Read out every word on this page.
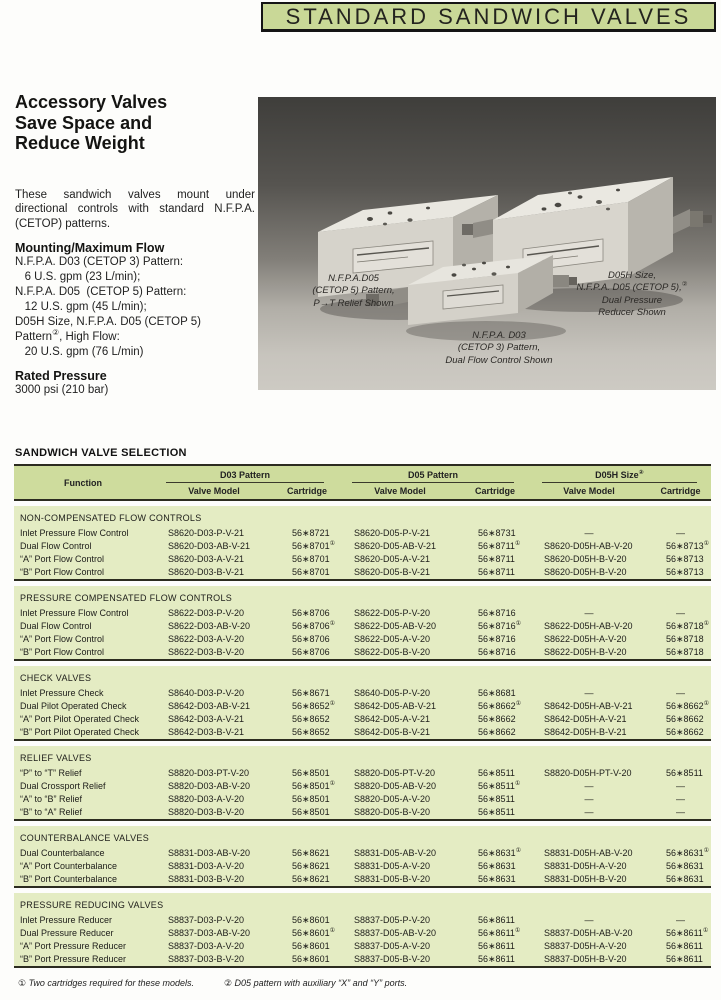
STANDARD SANDWICH VALVES
Accessory Valves
Save Space and
Reduce Weight
These sandwich valves mount under directional controls with standard N.F.P.A. (CETOP) patterns.
Mounting/Maximum Flow
N.F.P.A. D03 (CETOP 3) Pattern:
6 U.S. gpm (23 L/min);
N.F.P.A. D05  (CETOP 5) Pattern:
12 U.S. gpm (45 L/min);
D05H Size, N.F.P.A. D05 (CETOP 5)
Pattern②, High Flow:
20 U.S. gpm (76 L/min)
Rated Pressure
3000 psi (210 bar)
N.F.P.A.D05
(CETOP 5) Pattern,
P→T Relief Shown
D05H Size,
N.F.P.A. D05 (CETOP 5),②
Dual Pressure
Reducer Shown
N.F.P.A. D03
(CETOP 3) Pattern,
Dual Flow Control Shown
SANDWICH VALVE SELECTION
Function	D03 Pattern		D05 Pattern		D05H Size②

	Valve Model	Cartridge	Valve Model	Cartridge	Valve Model	Cartridge

NON-COMPENSATED FLOW CONTROLS						
Inlet Pressure Flow Control	S8620-D03-P-V-21	56∗8721	S8620-D05-P-V-21	56∗8731	—	—
Dual Flow Control	S8620-D03-AB-V-21	56∗8701①	S8620-D05-AB-V-21	56∗8711①	S8620-D05H-AB-V-20	56∗8713①
“A” Port Flow Control	S8620-D03-A-V-21	56∗8701	S8620-D05-A-V-21	56∗8711	S8620-D05H-B-V-20	56∗8713
“B” Port Flow Control	S8620-D03-B-V-21	56∗8701	S8620-D05-B-V-21	56∗8711	S8620-D05H-B-V-20	56∗8713

PRESSURE COMPENSATED FLOW CONTROLS						
Inlet Pressure Flow Control	S8622-D03-P-V-20	56∗8706	S8622-D05-P-V-20	56∗8716	—	—
Dual Flow Control	S8622-D03-AB-V-20	56∗8706①	S8622-D05-AB-V-20	56∗8716①	S8622-D05H-AB-V-20	56∗8718①
“A” Port Flow Control	S8622-D03-A-V-20	56∗8706	S8622-D05-A-V-20	56∗8716	S8622-D05H-A-V-20	56∗8718
“B” Port Flow Control	S8622-D03-B-V-20	56∗8706	S8622-D05-B-V-20	56∗8716	S8622-D05H-B-V-20	56∗8718

CHECK VALVES						
Inlet Pressure Check	S8640-D03-P-V-20	56∗8671	S8640-D05-P-V-20	56∗8681	—	—
Dual Pilot Operated Check	S8642-D03-AB-V-21	56∗8652①	S8642-D05-AB-V-21	56∗8662①	S8642-D05H-AB-V-21	56∗8662①
“A” Port Pilot Operated Check	S8642-D03-A-V-21	56∗8652	S8642-D05-A-V-21	56∗8662	S8642-D05H-A-V-21	56∗8662
“B” Port Pilot Operated Check	S8642-D03-B-V-21	56∗8652	S8642-D05-B-V-21	56∗8662	S8642-D05H-B-V-21	56∗8662

RELIEF VALVES						
“P” to “T” Relief	S8820-D03-PT-V-20	56∗8501	S8820-D05-PT-V-20	56∗8511	S8820-D05H-PT-V-20	56∗8511
Dual Crossport Relief	S8820-D03-AB-V-20	56∗8501①	S8820-D05-AB-V-20	56∗8511①	—	—
“A” to “B” Relief	S8820-D03-A-V-20	56∗8501	S8820-D05-A-V-20	56∗8511	—	—
“B” to “A” Relief	S8820-D03-B-V-20	56∗8501	S8820-D05-B-V-20	56∗8511	—	—

COUNTERBALANCE VALVES						
Dual Counterbalance	S8831-D03-AB-V-20	56∗8621	S8831-D05-AB-V-20	56∗8631①	S8831-D05H-AB-V-20	56∗8631①
“A” Port Counterbalance	S8831-D03-A-V-20	56∗8621	S8831-D05-A-V-20	56∗8631	S8831-D05H-A-V-20	56∗8631
“B” Port Counterbalance	S8831-D03-B-V-20	56∗8621	S8831-D05-B-V-20	56∗8631	S8831-D05H-B-V-20	56∗8631

PRESSURE REDUCING VALVES						
Inlet Pressure Reducer	S8837-D03-P-V-20	56∗8601	S8837-D05-P-V-20	56∗8611	—	—
Dual Pressure Reducer	S8837-D03-AB-V-20	56∗8601①	S8837-D05-AB-V-20	56∗8611①	S8837-D05H-AB-V-20	56∗8611①
“A” Port Pressure Reducer	S8837-D03-A-V-20	56∗8601	S8837-D05-A-V-20	56∗8611	S8837-D05H-A-V-20	56∗8611
“B” Port Pressure Reducer	S8837-D03-B-V-20	56∗8601	S8837-D05-B-V-20	56∗8611	S8837-D05H-B-V-20	56∗8611

① Two cartridges required for these models.	② D05 pattern with auxiliary “X” and “Y” ports.
